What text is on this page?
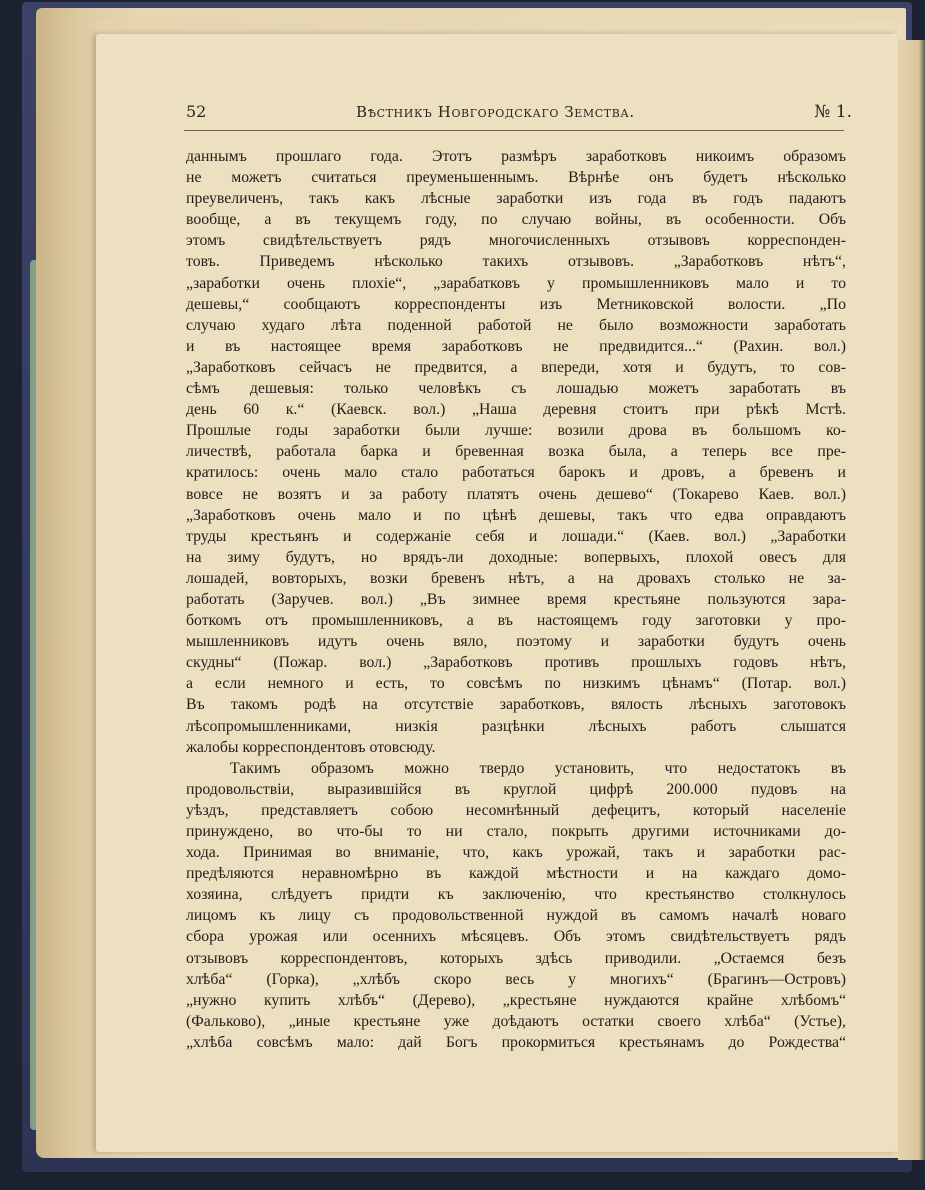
52	Вѣстникъ Новгородскаго Земства.	№ 1.
даннымъ прошлаго года. Этотъ размѣръ заработковъ никоимъ образомъ
не можетъ считаться преуменьшеннымъ. Вѣрнѣе онъ будетъ нѣсколько
преувеличенъ, такъ какъ лѣсные заработки изъ года въ годъ падаютъ
вообще, а въ текущемъ году, по случаю войны, въ особенности. Объ
этомъ свидѣтельствуетъ рядъ многочисленныхъ отзывовъ корреспонден-
товъ. Приведемъ нѣсколько такихъ отзывовъ. „Заработковъ нѣтъ“,
„заработки очень плохіе“, „зарабатковъ у промышленниковъ мало и то
дешевы,“ сообщаютъ корреспонденты изъ Метниковской волости. „По
случаю худаго лѣта поденной работой не было возможности заработать
и въ настоящее время заработковъ не предвидится...“ (Рахин. вол.)
„Заработковъ сейчасъ не предвится, а впереди, хотя и будутъ, то сов-
сѣмъ дешевыя: только человѣкъ съ лошадью можетъ заработать въ
день 60 к.“ (Каевск. вол.) „Наша деревня стоитъ при рѣкѣ Мстѣ.
Прошлые годы заработки были лучше: возили дрова въ большомъ ко-
личествѣ, работала барка и бревенная возка была, а теперь все пре-
кратилось: очень мало стало работаться барокъ и дровъ, а бревенъ и
вовсе не возятъ и за работу платятъ очень дешево“ (Токарево Каев. вол.)
„Заработковъ очень мало и по цѣнѣ дешевы, такъ что едва оправдаютъ
труды крестьянъ и содержаніе себя и лошади.“ (Каев. вол.) „Заработки
на зиму будутъ, но врядъ-ли доходные: вопервыхъ, плохой овесъ для
лошадей, вовторыхъ, возки бревенъ нѣтъ, а на дровахъ столько не за-
работать (Заручев. вол.) „Въ зимнее время крестьяне пользуются зара-
боткомъ отъ промышленниковъ, а въ настоящемъ году заготовки у про-
мышленниковъ идутъ очень вяло, поэтому и заработки будутъ очень
скудны“ (Пожар. вол.) „Заработковъ противъ прошлыхъ годовъ нѣтъ,
а если немного и есть, то совсѣмъ по низкимъ цѣнамъ“ (Потар. вол.)
Въ такомъ родѣ на отсутствіе заработковъ, вялость лѣсныхъ заготовокъ
лѣсопромышленниками, низкія разцѣнки лѣсныхъ работъ слышатся
жалобы корреспондентовъ отовсюду.
Такимъ образомъ можно твердо установить, что недостатокъ въ
продовольствіи, выразившійся въ круглой цифрѣ 200.000 пудовъ на
уѣздъ, представляетъ собою несомнѣнный дефецитъ, который населеніе
принуждено, во что-бы то ни стало, покрыть другими источниками до-
хода. Принимая во вниманіе, что, какъ урожай, такъ и заработки рас-
предѣляются неравномѣрно въ каждой мѣстности и на каждаго домо-
хозяина, слѣдуетъ придти къ заключенію, что крестьянство столкнулось
лицомъ къ лицу съ продовольственной нуждой въ самомъ началѣ новаго
сбора урожая или осеннихъ мѣсяцевъ. Объ этомъ свидѣтельствуетъ рядъ
отзывовъ корреспондентовъ, которыхъ здѣсь приводили. „Остаемся безъ
хлѣба“ (Горка), „хлѣбъ скоро весь у многихъ“ (Брагинъ—Островъ)
„нужно купить хлѣбъ“ (Дерево), „крестьяне нуждаются крайне хлѣбомъ“
(Фальково), „иные крестьяне уже доѣдаютъ остатки своего хлѣба“ (Устье),
„хлѣба совсѣмъ мало: дай Богъ прокормиться крестьянамъ до Рождества“
